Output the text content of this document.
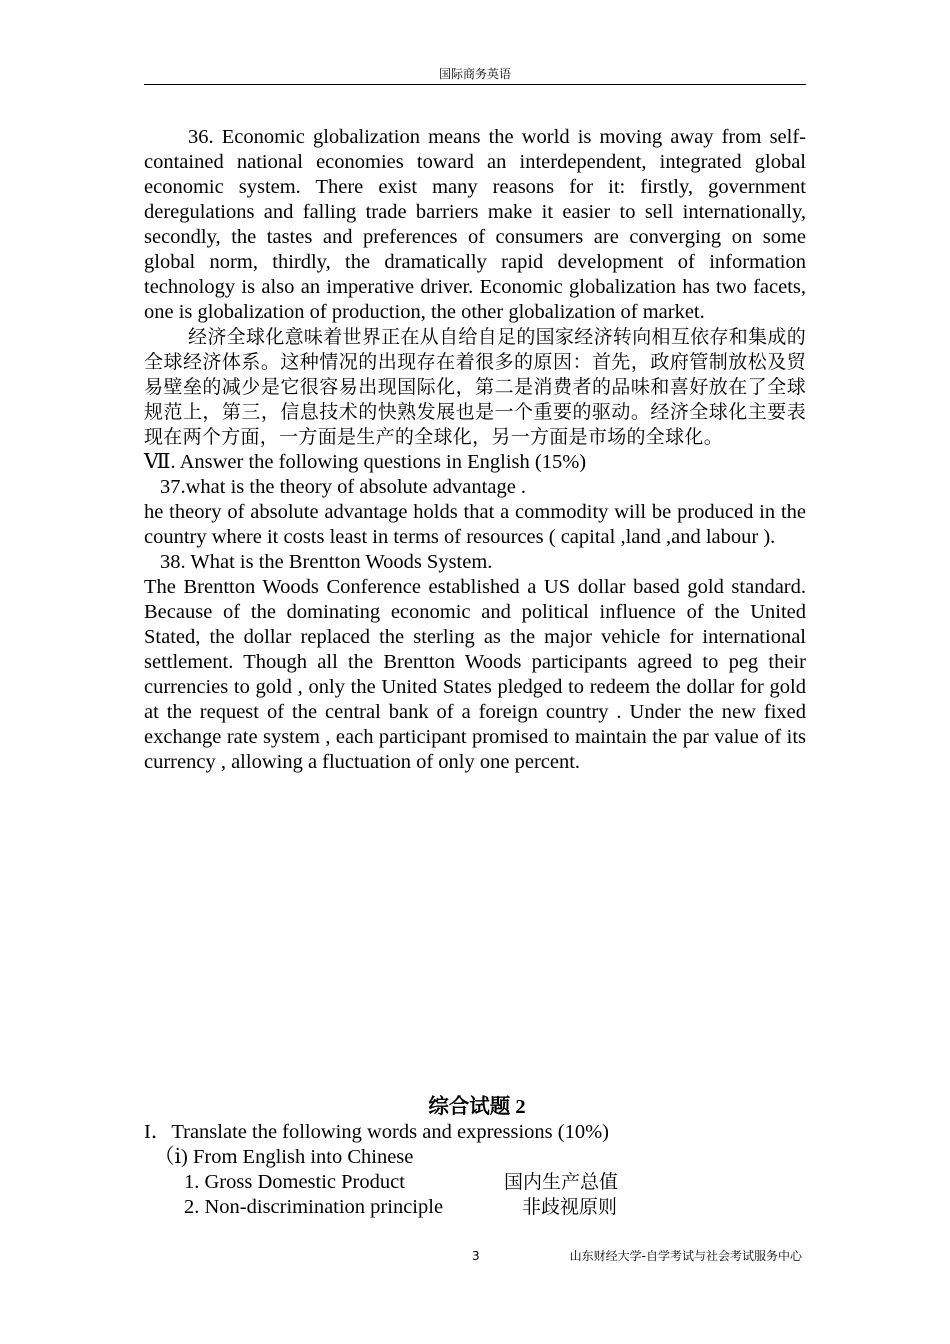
国际商务英语

36. Economic globalization means the world is moving away from self-contained national economies toward an interdependent, integrated global economic system. There exist many reasons for it: firstly, government deregulations and falling trade barriers make it easier to sell internationally, secondly, the tastes and preferences of consumers are converging on some global norm, thirdly, the dramatically rapid development of information technology is also an imperative driver. Economic globalization has two facets, one is globalization of production, the other globalization of market.

经济全球化意味着世界正在从自给自足的国家经济转向相互依存和集成的全球经济体系。这种情况的出现存在着很多的原因：首先，政府管制放松及贸易壁垒的减少是它很容易出现国际化，第二是消费者的品味和喜好放在了全球规范上，第三，信息技术的快熟发展也是一个重要的驱动。经济全球化主要表现在两个方面，一方面是生产的全球化，另一方面是市场的全球化。

Ⅶ. Answer the following questions in English (15%)

37.what is the theory of absolute advantage .

he theory of absolute advantage holds that a commodity will be produced in the country where it costs least in terms of resources ( capital ,land ,and labour ).

38. What is the Brentton Woods System.

The Brentton Woods Conference established a US dollar based gold standard. Because of the dominating economic and political influence of the United Stated, the dollar replaced the sterling as the major vehicle for international settlement. Though all the Brentton Woods participants agreed to peg their currencies to gold , only the United States pledged to redeem the dollar for gold at the request of the central bank of a foreign country . Under the new fixed exchange rate system , each participant promised to maintain the par value of its currency , allowing a fluctuation of only one percent.

综合试题 2

I．Translate the following words and expressions (10%)

（ⅰ) From English into Chinese

1. Gross Domestic Product	国内生产总值
2. Non-discrimination principle	非歧视原则
3	山东财经大学-自学考试与社会考试服务中心
